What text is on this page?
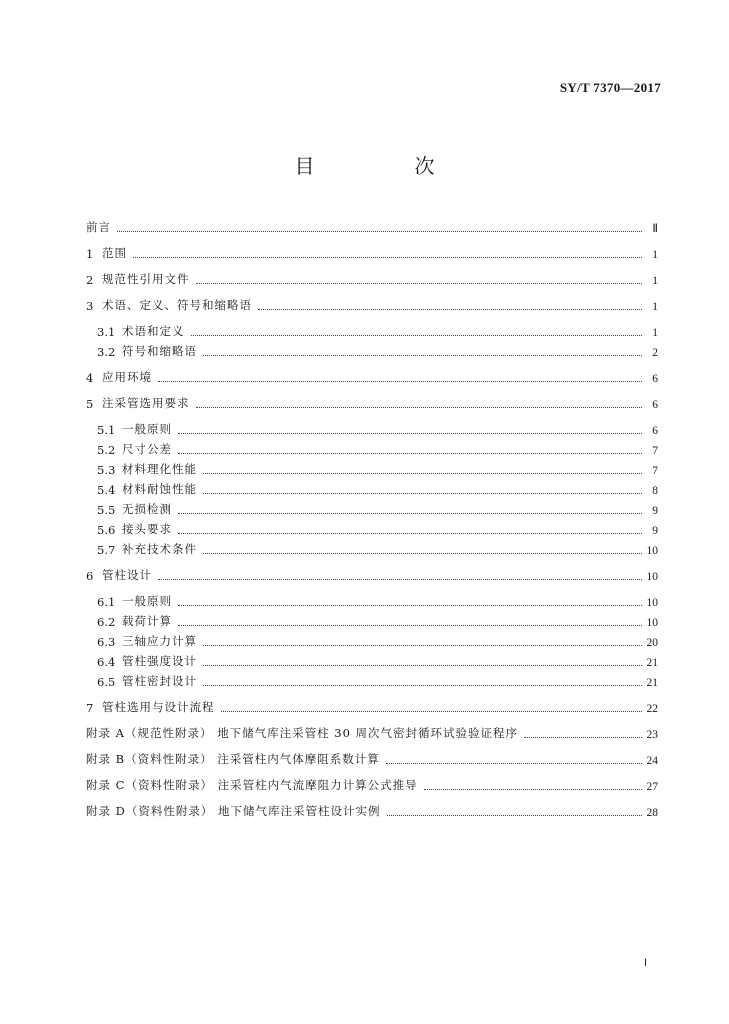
SY/T 7370—2017
目　次
前言	Ⅱ
1 范围	1
2 规范性引用文件	1
3 术语、定义、符号和缩略语	1
3.1 术语和定义	1
3.2 符号和缩略语	2
4 应用环境	6
5 注采管选用要求	6
5.1 一般原则	6
5.2 尺寸公差	7
5.3 材料理化性能	7
5.4 材料耐蚀性能	8
5.5 无损检测	9
5.6 接头要求	9
5.7 补充技术条件	10
6 管柱设计	10
6.1 一般原则	10
6.2 载荷计算	10
6.3 三轴应力计算	20
6.4 管柱强度设计	21
6.5 管柱密封设计	21
7 管柱选用与设计流程	22
附录 A（规范性附录） 地下储气库注采管柱 30 周次气密封循环试验验证程序	23
附录 B（资料性附录） 注采管柱内气体摩阻系数计算	24
附录 C（资料性附录） 注采管柱内气流摩阻力计算公式推导	27
附录 D（资料性附录） 地下储气库注采管柱设计实例	28
Ⅰ
